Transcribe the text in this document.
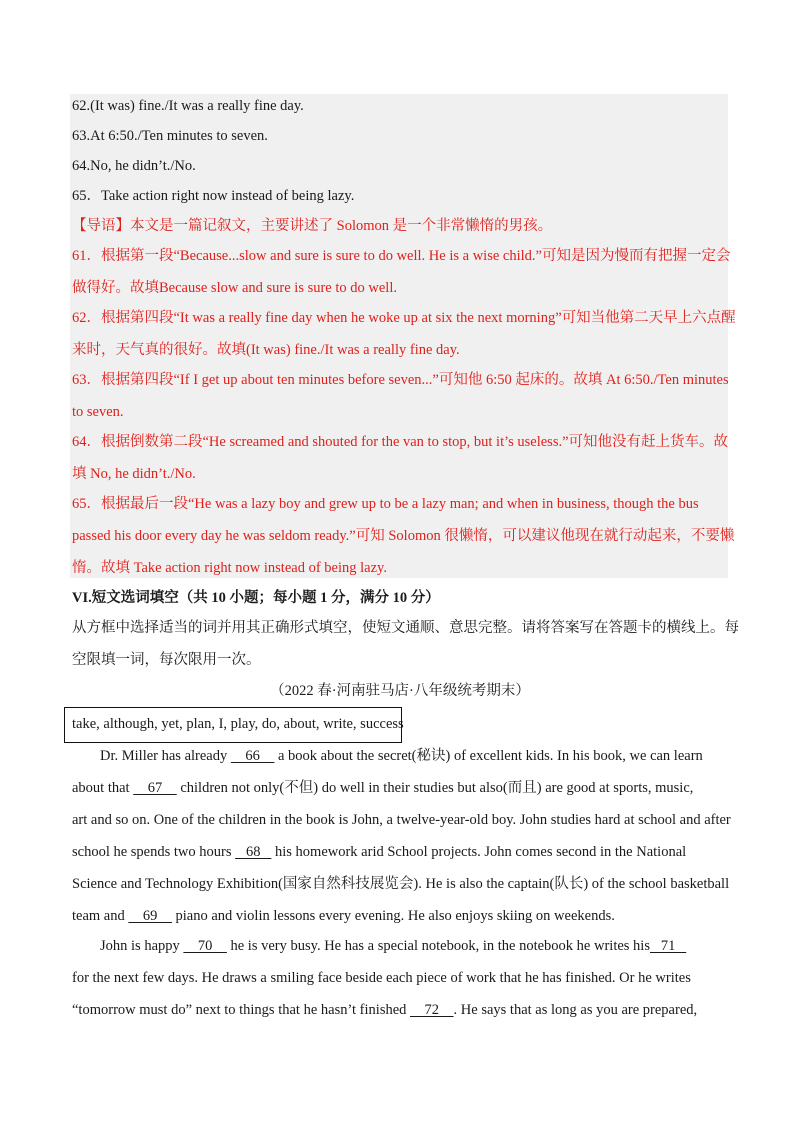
62.(It was) fine./It was a really fine day.
63.At 6:50./Ten minutes to seven.
64.No, he didn’t./No.
65．Take action right now instead of being lazy.
【导语】本文是一篇记叙文，主要讲述了 Solomon 是一个非常懒惰的男孩。
61．根据第一段“Because...slow and sure is sure to do well. He is a wise child.”可知是因为慢而有把握一定会
做得好。故填Because slow and sure is sure to do well.
62．根据第四段“It was a really fine day when he woke up at six the next morning”可知当他第二天早上六点醒
来时，天气真的很好。故填(It was) fine./It was a really fine day.
63．根据第四段“If I get up about ten minutes before seven...”可知他 6:50 起床的。故填 At 6:50./Ten minutes
to seven.
64．根据倒数第二段“He screamed and shouted for the van to stop, but it’s useless.”可知他没有赶上货车。故
填 No, he didn’t./No.
65．根据最后一段“He was a lazy boy and grew up to be a lazy man; and when in business, though the bus
passed his door every day he was seldom ready.”可知 Solomon 很懒惰，可以建议他现在就行动起来，不要懒
惰。故填 Take action right now instead of being lazy.
VI.短文选词填空（共 10 小题；每小题 1 分，满分 10 分）
从方框中选择适当的词并用其正确形式填空，使短文通顺、意思完整。请将答案写在答题卡的横线上。每
空限填一词，每次限用一次。
（2022 春·河南驻马店·八年级统考期末）
take, although, yet, plan, I, play, do, about, write, success
Dr. Miller has already     66     a book about the secret(秘诀) of excellent kids. In his book, we can learn
about that     67     children not only(不但) do well in their studies but also(而且) are good at sports, music,
art and so on. One of the children in the book is John, a twelve-year-old boy. John studies hard at school and after
school he spends two hours    68    his homework arid School projects. John comes second in the National
Science and Technology Exhibition(国家自然科技展览会). He is also the captain(队长) of the school basketball
team and     69     piano and violin lessons every evening. He also enjoys skiing on weekends.
John is happy     70     he is very busy. He has a special notebook, in the notebook he writes his   71
for the next few days. He draws a smiling face beside each piece of work that he has finished. Or he writes
“tomorrow must do” next to things that he hasn’t finished     72    . He says that as long as you are prepared,
